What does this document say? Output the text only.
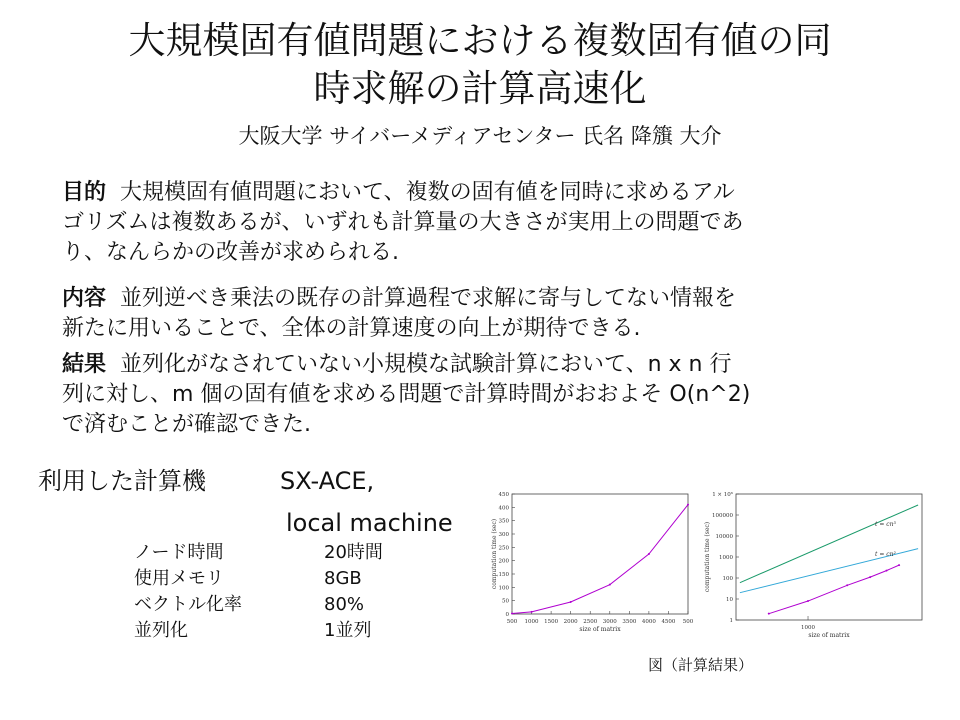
大規模固有値問題における複数固有値の同
時求解の計算高速化
大阪大学 サイバーメディアセンター 氏名 降籏 大介
目的 大規模固有値問題において、複数の固有値を同時に求めるアル
ゴリズムは複数あるが、いずれも計算量の大きさが実用上の問題であ
り、なんらかの改善が求められる.
内容 並列逆べき乗法の既存の計算過程で求解に寄与してない情報を
新たに用いることで、全体の計算速度の向上が期待できる.
結果 並列化がなされていない小規模な試験計算において、n x n 行
列に対し、m 個の固有値を求める問題で計算時間がおおよそ O(n^2)
で済むことが確認できた.
利用した計算機	SX-ACE,
local machine
ノード時間	20時間
使用メモリ	8GB
ベクトル化率	80%
並列化	1並列
0
50
100
150
200
250
300
350
400
450
500 1000 1500 2000 2500 3000 3500 4000 4500 500
size of matrix
computation time (sec)
1
10
100
1000
10000
100000
1 × 10⁶
1000
size of matrix
computation time (sec)	t = cn³
t = cn²
図（計算結果）
